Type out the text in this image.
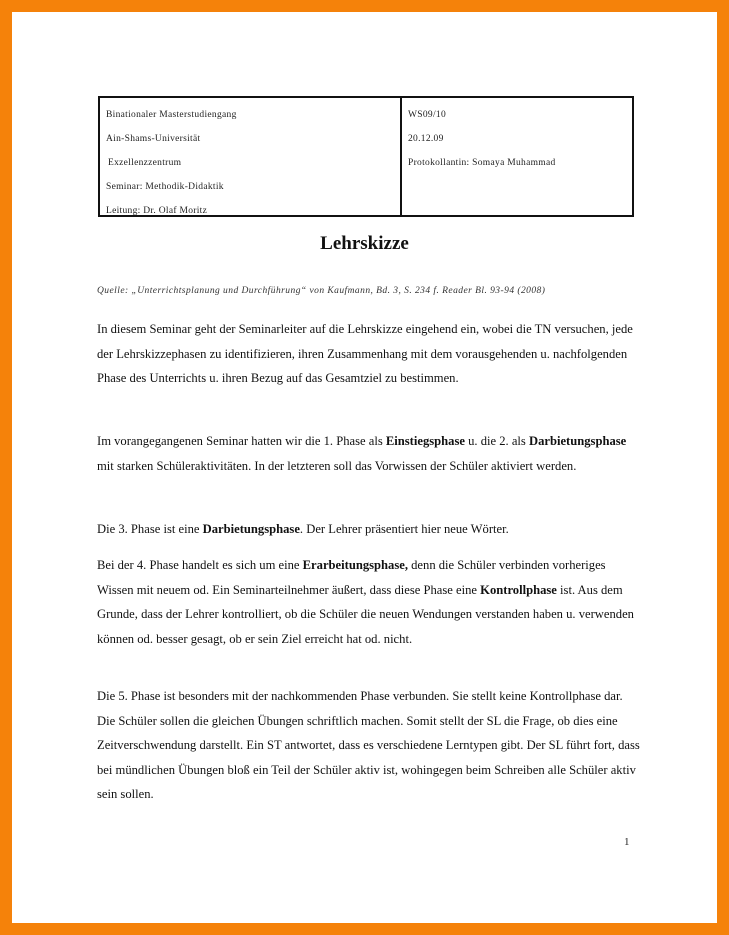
Binationaler Masterstudiengang
Ain-Shams-Universität
Exzellenzzentrum
Seminar: Methodik-Didaktik
Leitung: Dr. Olaf Moritz
WS09/10
20.12.09
Protokollantin: Somaya Muhammad
Lehrskizze
Quelle: „Unterrichtsplanung und Durchführung“ von Kaufmann, Bd. 3, S. 234 f. Reader Bl. 93-94 (2008)
In diesem Seminar geht der Seminarleiter auf die Lehrskizze eingehend ein, wobei die TN versuchen, jede der Lehrskizzephasen zu identifizieren, ihren Zusammenhang mit dem vorausgehenden u. nachfolgenden Phase des Unterrichts u. ihren Bezug auf das Gesamtziel zu bestimmen.
Im vorangegangenen Seminar hatten wir die 1. Phase als Einstiegsphase u. die 2. als Darbietungsphase mit starken Schüleraktivitäten. In der letzteren soll das Vorwissen der Schüler aktiviert werden.
Die 3. Phase ist eine Darbietungsphase. Der Lehrer präsentiert hier neue Wörter.
Bei der 4. Phase handelt es sich um eine Erarbeitungsphase, denn die Schüler verbinden vorheriges Wissen mit neuem od. Ein Seminarteilnehmer äußert, dass diese Phase eine Kontrollphase ist. Aus dem Grunde, dass der Lehrer kontrolliert, ob die Schüler die neuen Wendungen verstanden haben u. verwenden können od. besser gesagt, ob er sein Ziel erreicht hat od. nicht.
Die 5. Phase ist besonders mit der nachkommenden Phase verbunden. Sie stellt keine Kontrollphase dar. Die Schüler sollen die gleichen Übungen schriftlich machen. Somit stellt der SL die Frage, ob dies eine Zeitverschwendung darstellt. Ein ST antwortet, dass es verschiedene Lerntypen gibt. Der SL führt fort, dass bei mündlichen Übungen bloß ein Teil der Schüler aktiv ist, wohingegen beim Schreiben alle Schüler aktiv sein sollen.
1
